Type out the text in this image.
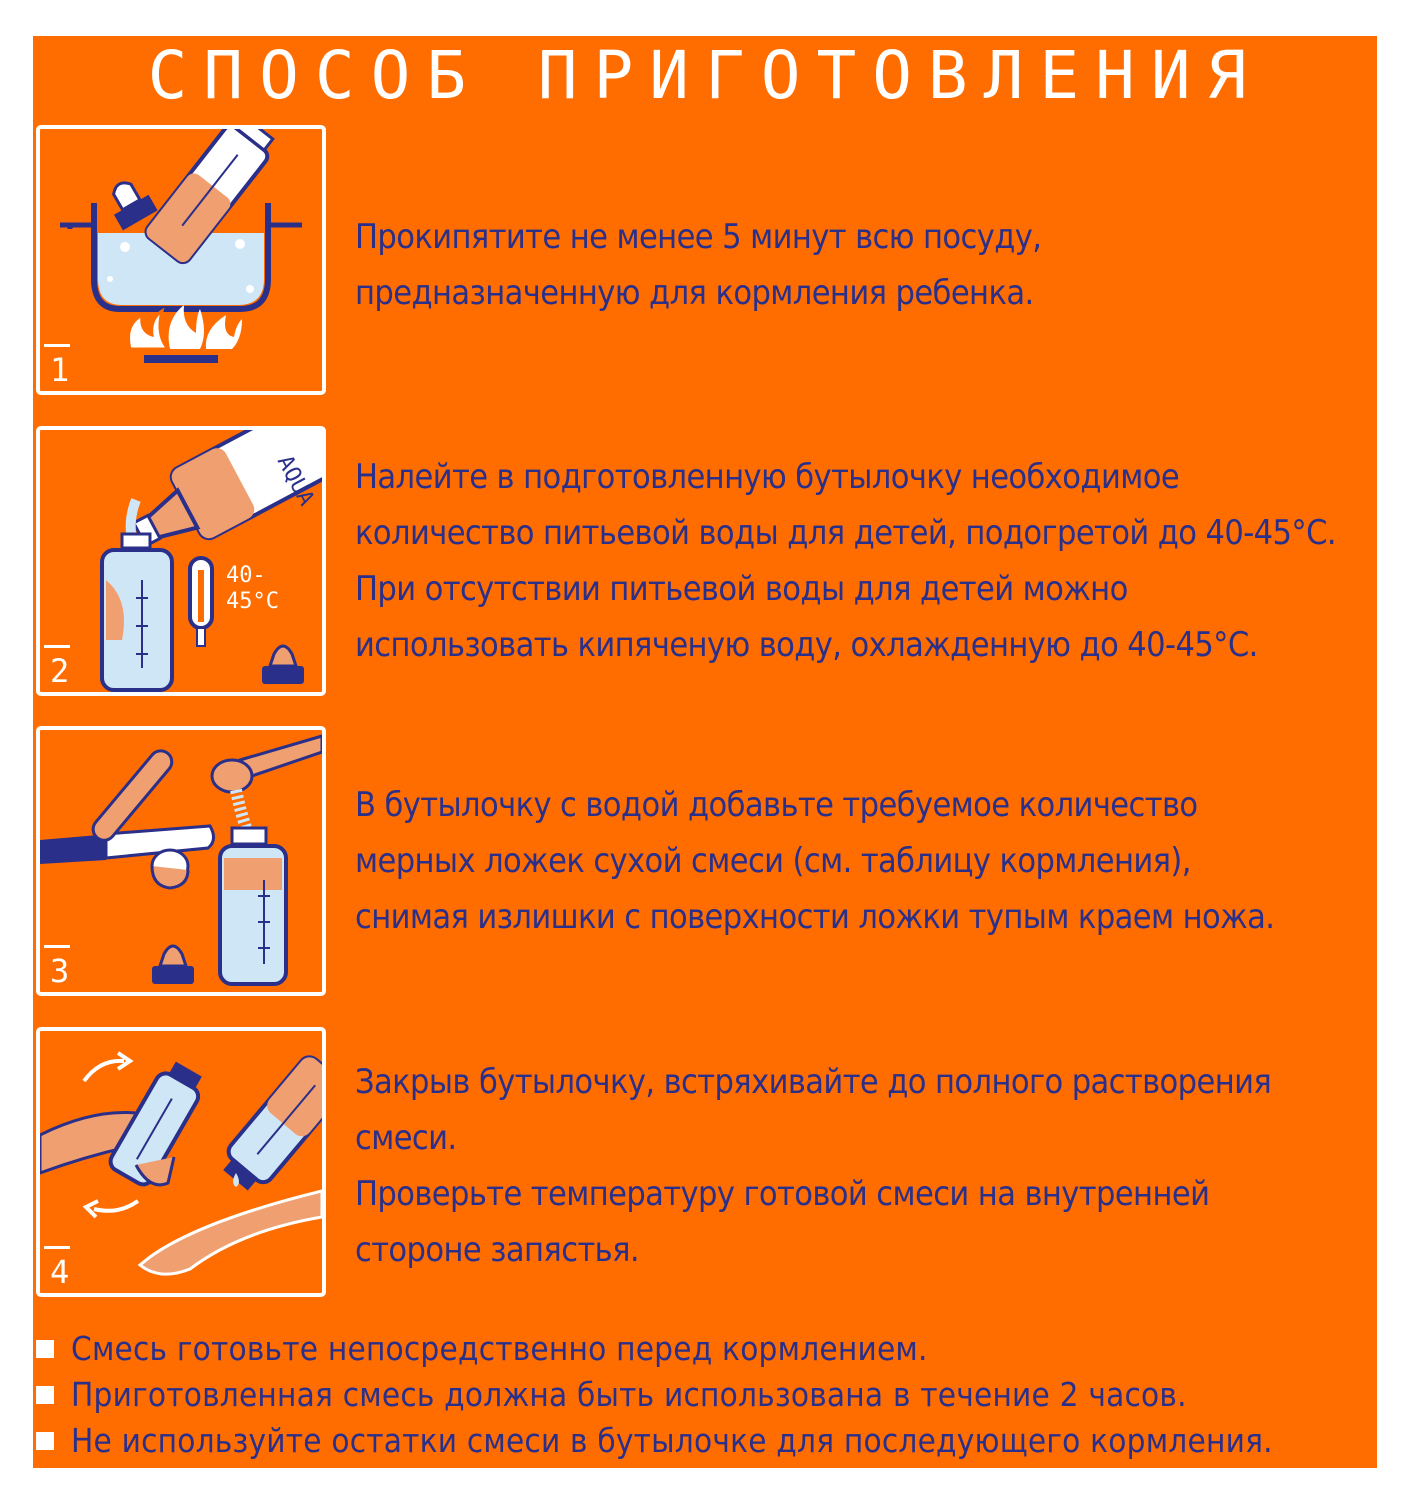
СПОСОБ ПРИГОТОВЛЕНИЯ
1
Прокипятите не менее 5 минут всю посуду,
предназначенную для кормления ребенка.
AQUA
40-
45°C
2
Налейте в подготовленную бутылочку необходимое
количество питьевой воды для детей, подогретой до 40-45°C.
При отсутствии питьевой воды для детей можно
использовать кипяченую воду, охлажденную до 40-45°C.
3
В бутылочку с водой добавьте требуемое количество
мерных ложек сухой смеси (см. таблицу кормления),
снимая излишки с поверхности ложки тупым краем ножа.
4
Закрыв бутылочку, встряхивайте до полного растворения
смеси.
Проверьте температуру готовой смеси на внутренней
стороне запястья.
Смесь готовьте непосредственно перед кормлением.
Приготовленная смесь должна быть использована в течение 2 часов.
Не используйте остатки смеси в бутылочке для последующего кормления.
